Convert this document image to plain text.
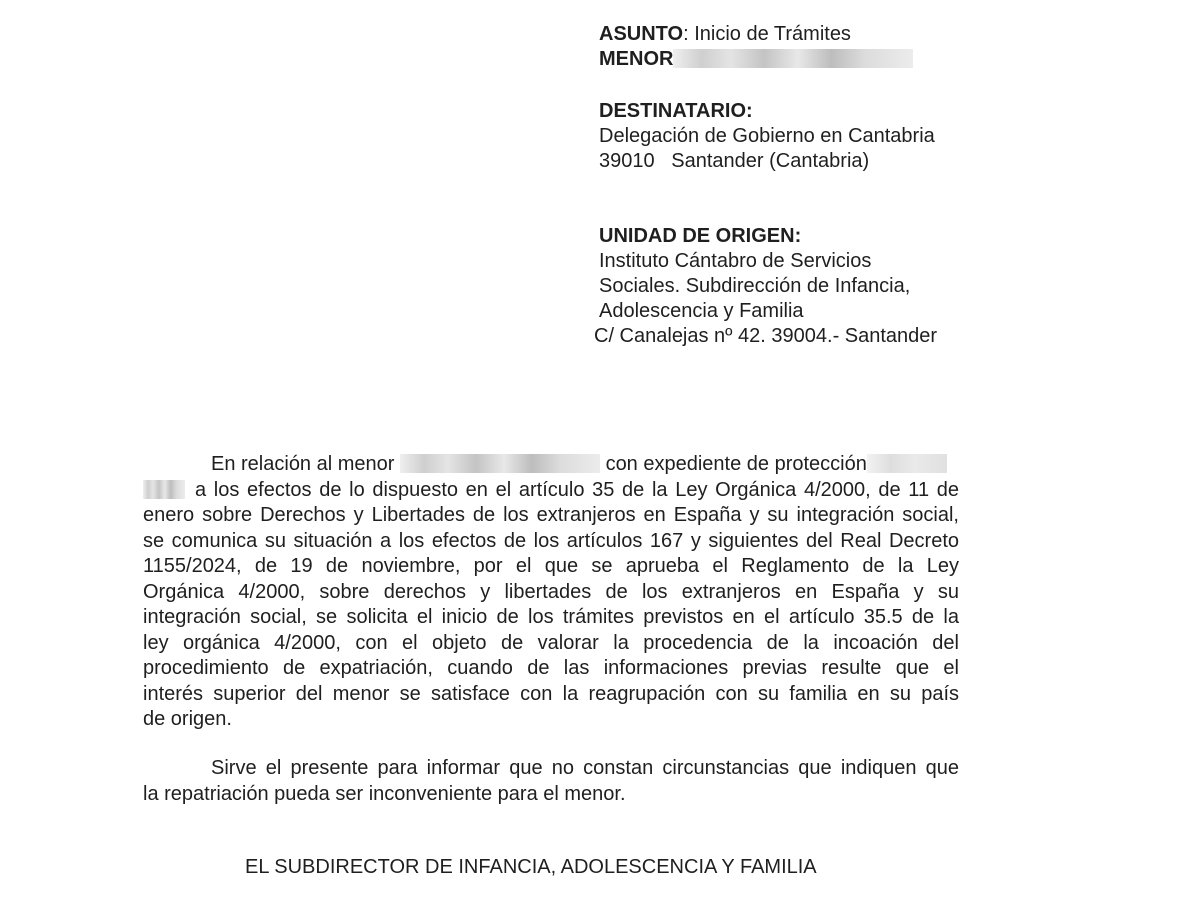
ASUNTO: Inicio de Trámites
MENOR
DESTINATARIO:
Delegación de Gobierno en Cantabria
39010   Santander (Cantabria)
UNIDAD DE ORIGEN:
Instituto Cántabro de Servicios
Sociales. Subdirección de Infancia,
Adolescencia y Familia
C/ Canalejas nº 42. 39004.- Santander
En relación al menor	con expediente de protección
a los efectos de lo dispuesto en el artículo 35 de la Ley Orgánica 4/2000, de 11 de
enero sobre Derechos y Libertades de los extranjeros en España y su integración social,
se comunica su situación a los efectos de los artículos 167 y siguientes del Real Decreto
1155/2024, de 19 de noviembre, por el que se aprueba el Reglamento de la Ley
Orgánica 4/2000, sobre derechos y libertades de los extranjeros en España y su
integración social, se solicita el inicio de los trámites previstos en el artículo 35.5 de la
ley orgánica 4/2000, con el objeto de valorar la procedencia de la incoación del
procedimiento de expatriación, cuando de las informaciones previas resulte que el
interés superior del menor se satisface con la reagrupación con su familia en su país
de origen.
Sirve el presente para informar que no constan circunstancias que indiquen que
la repatriación pueda ser inconveniente para el menor.
EL SUBDIRECTOR DE INFANCIA, ADOLESCENCIA Y FAMILIA
